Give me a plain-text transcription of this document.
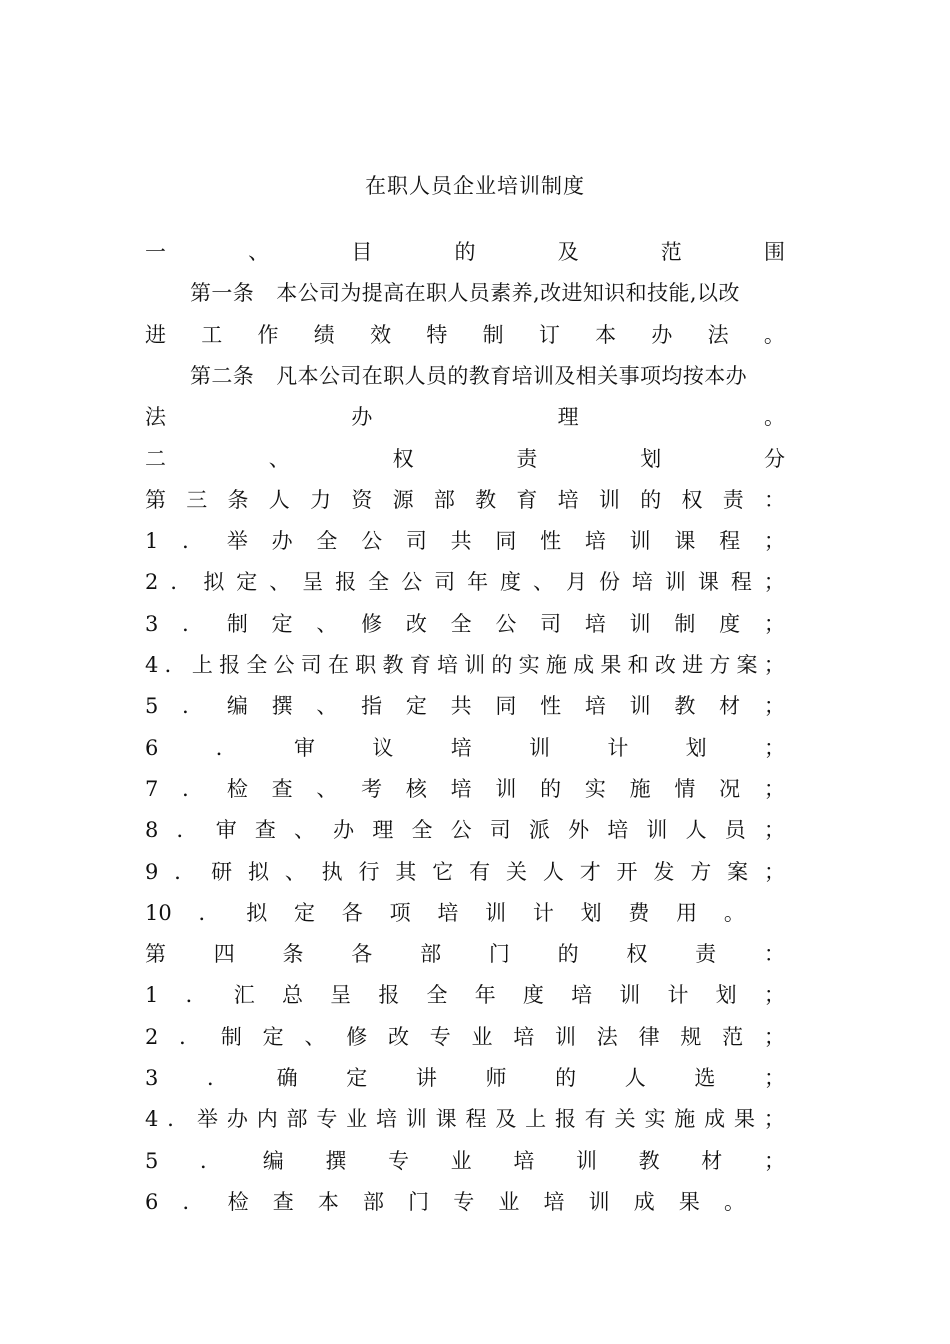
在职人员企业培训制度
一	、	目	的	及	范	围
第一条 本公司为提高在职人员素养,改进知识和技能,以改
进 工 作 绩 效 特 制 订 本 办 法 。
第二条 凡本公司在职人员的教育培训及相关事项均按本办
法	办	理	。
二	、	权	责	划	分
第 三 条 人 力 资 源 部 教 育 培 训 的 权 责 ：
1 ． 举 办 全 公 司 共 同 性 培 训 课 程 ；
2 ． 拟 定 、 呈 报 全 公 司 年 度 、 月 份 培 训 课 程 ；
3 ． 制 定 、 修 改 全 公 司 培 训 制 度 ；
4 ． 上 报 全 公 司 在 职 教 育 培 训 的 实 施 成 果 和 改 进 方 案 ；
5 ． 编 撰 、 指 定 共 同 性 培 训 教 材 ；
6	．	审	议	培	训	计	划	；
7 ． 检 查 、 考 核 培 训 的 实 施 情 况 ；
8 ． 审 查 、 办 理 全 公 司 派 外 培 训 人 员 ；
9 ． 研 拟 、 执 行 其 它 有 关 人 才 开 发 方 案 ；
10 ． 拟 定 各 项 培 训 计 划 费 用 。
第 四 条 各 部 门 的 权 责 ：
1 ． 汇 总 呈 报 全 年 度 培 训 计 划 ；
2 ． 制 定 、 修 改 专 业 培 训 法 律 规 范 ；
3 ． 确 定 讲 师 的 人 选 ；
4 ． 举 办 内 部 专 业 培 训 课 程 及 上 报 有 关 实 施 成 果 ；
5 ． 编 撰 专 业 培 训 教 材 ；
6 ． 检 查 本 部 门 专 业 培 训 成 果 。
